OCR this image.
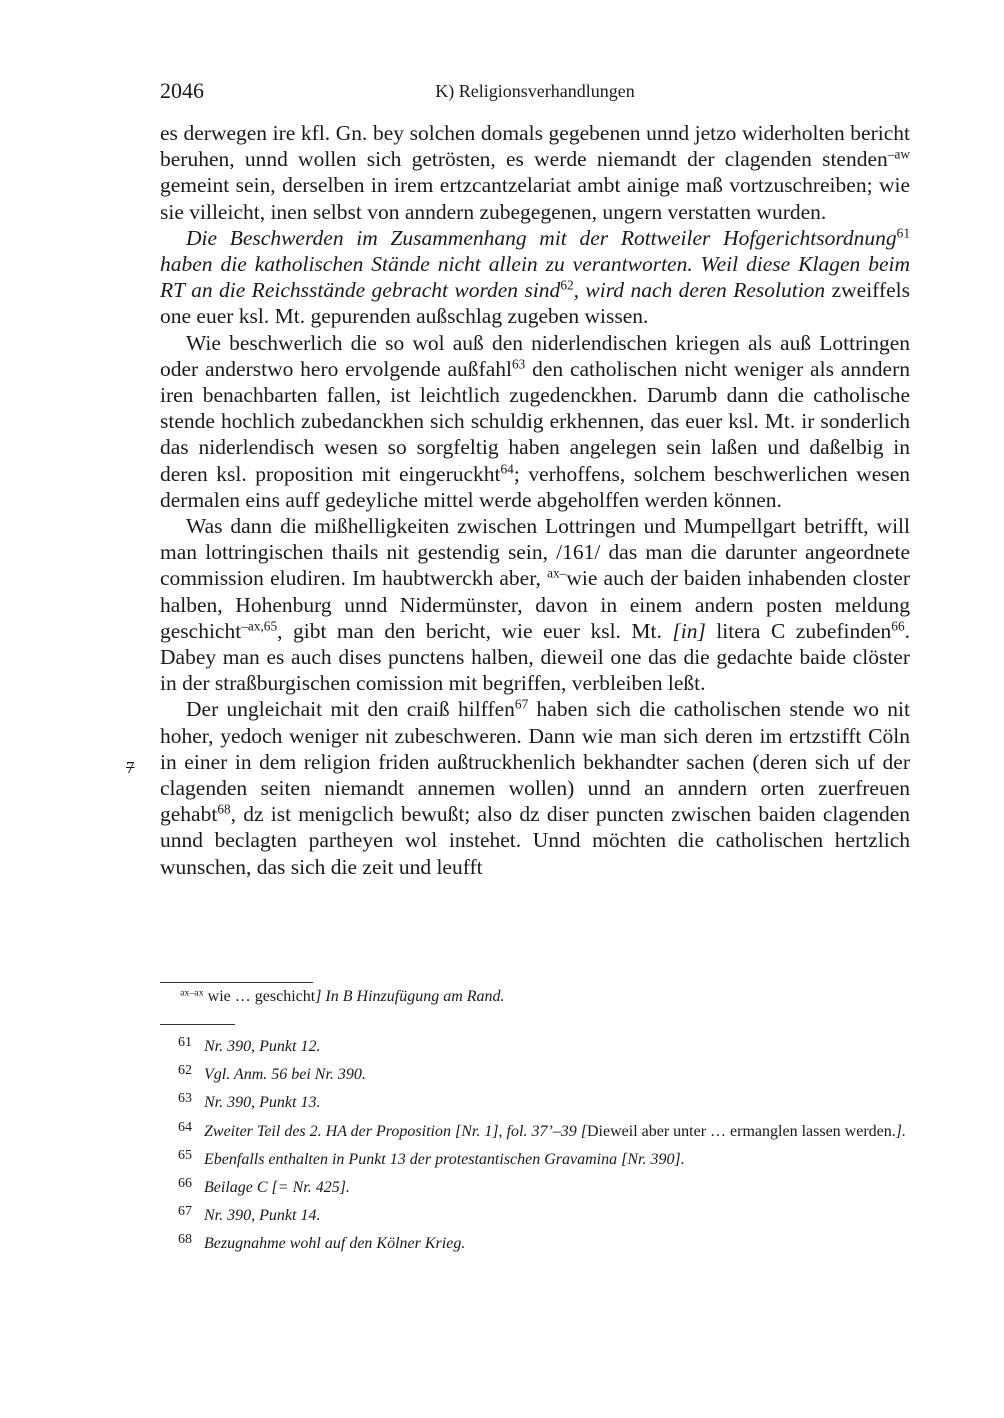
2046	K) Religionsverhandlungen

es derwegen ire kfl. Gn. bey solchen domals gegebenen unnd jetzo widerholten bericht beruhen, unnd wollen sich getrösten, es werde niemandt der clagenden stenden$^{-aw}$ gemeint sein, derselben in irem ertzcantzelariat ambt ainige maß vortzuschreiben; wie sie villeicht, inen selbst von anndern zubegegenen, ungern verstatten wurden.

Die Beschwerden im Zusammenhang mit der Rottweiler Hofgerichtsordnung$^{61}$ haben die katholischen Stände nicht allein zu verantworten. Weil diese Klagen beim RT an die Reichsstände gebracht worden sind$^{62}$, wird nach deren Resolution zweiffels one euer ksl. Mt. gepurenden außschlag zugeben wissen.

Wie beschwerlich die so wol auß den niderlendischen kriegen als auß Lottringen oder anderstwo hero ervolgende außfahl$^{63}$ den catholischen nicht weniger als anndern iren benachbarten fallen, ist leichtlich zugedenckhen. Darumb dann die catholische stende hochlich zubedanckhen sich schuldig erkhennen, das euer ksl. Mt. ir sonderlich das niderlendisch wesen so sorgfeltig haben angelegen sein laßen und daßelbig in deren ksl. proposition mit eingeruckht$^{64}$; verhoffens, solchem beschwerlichen wesen dermalen eins auff gedeyliche mittel werde abgeholffen werden können.

Was dann die mißhelligkeiten zwischen Lottringen und Mumpellgart betrifft, will man lottringischen thails nit gestendig sein, /161/ das man die darunter angeordnete commission eludiren. Im haubtwerckh aber, $^{ax-}$wie auch der baiden inhabenden closter halben, Hohenburg unnd Nidermünster, davon in einem andern posten meldung geschicht$^{-ax,65}$, gibt man den bericht, wie euer ksl. Mt. [in] litera C zubefinden$^{66}$. Dabey man es auch dises punctens halben, dieweil one das die gedachte baide clöster in der straßburgischen comission mit begriffen, verbleiben leßt.

Der ungleichait mit den craiß hilffen$^{67}$ haben sich die catholischen stende wo nit hoher, yedoch weniger nit zubeschweren. Dann wie man sich deren im ertzstifft Cöln in einer in dem religion friden außtruckhenlich bekhandter sachen (deren sich uf der clagenden seiten niemandt annemen wollen) unnd an anndern orten zuerfreuen gehabt$^{68}$, dz ist menigclich bewußt; also dz diser puncten zwischen baiden clagenden unnd beclagten partheyen wol instehet. Unnd möchten die catholischen hertzlich wunschen, das sich die zeit und leufft

7
$^{ax-ax}$ wie … geschicht] In B Hinzufügung am Rand.
61 Nr. 390, Punkt 12.
62 Vgl. Anm. 56 bei Nr. 390.
63 Nr. 390, Punkt 13.
64 Zweiter Teil des 2. HA der Proposition [Nr. 1], fol. 37’–39 [Dieweil aber unter … ermanglen lassen werden.].
65 Ebenfalls enthalten in Punkt 13 der protestantischen Gravamina [Nr. 390].
66 Beilage C [= Nr. 425].
67 Nr. 390, Punkt 14.
68 Bezugnahme wohl auf den Kölner Krieg.
